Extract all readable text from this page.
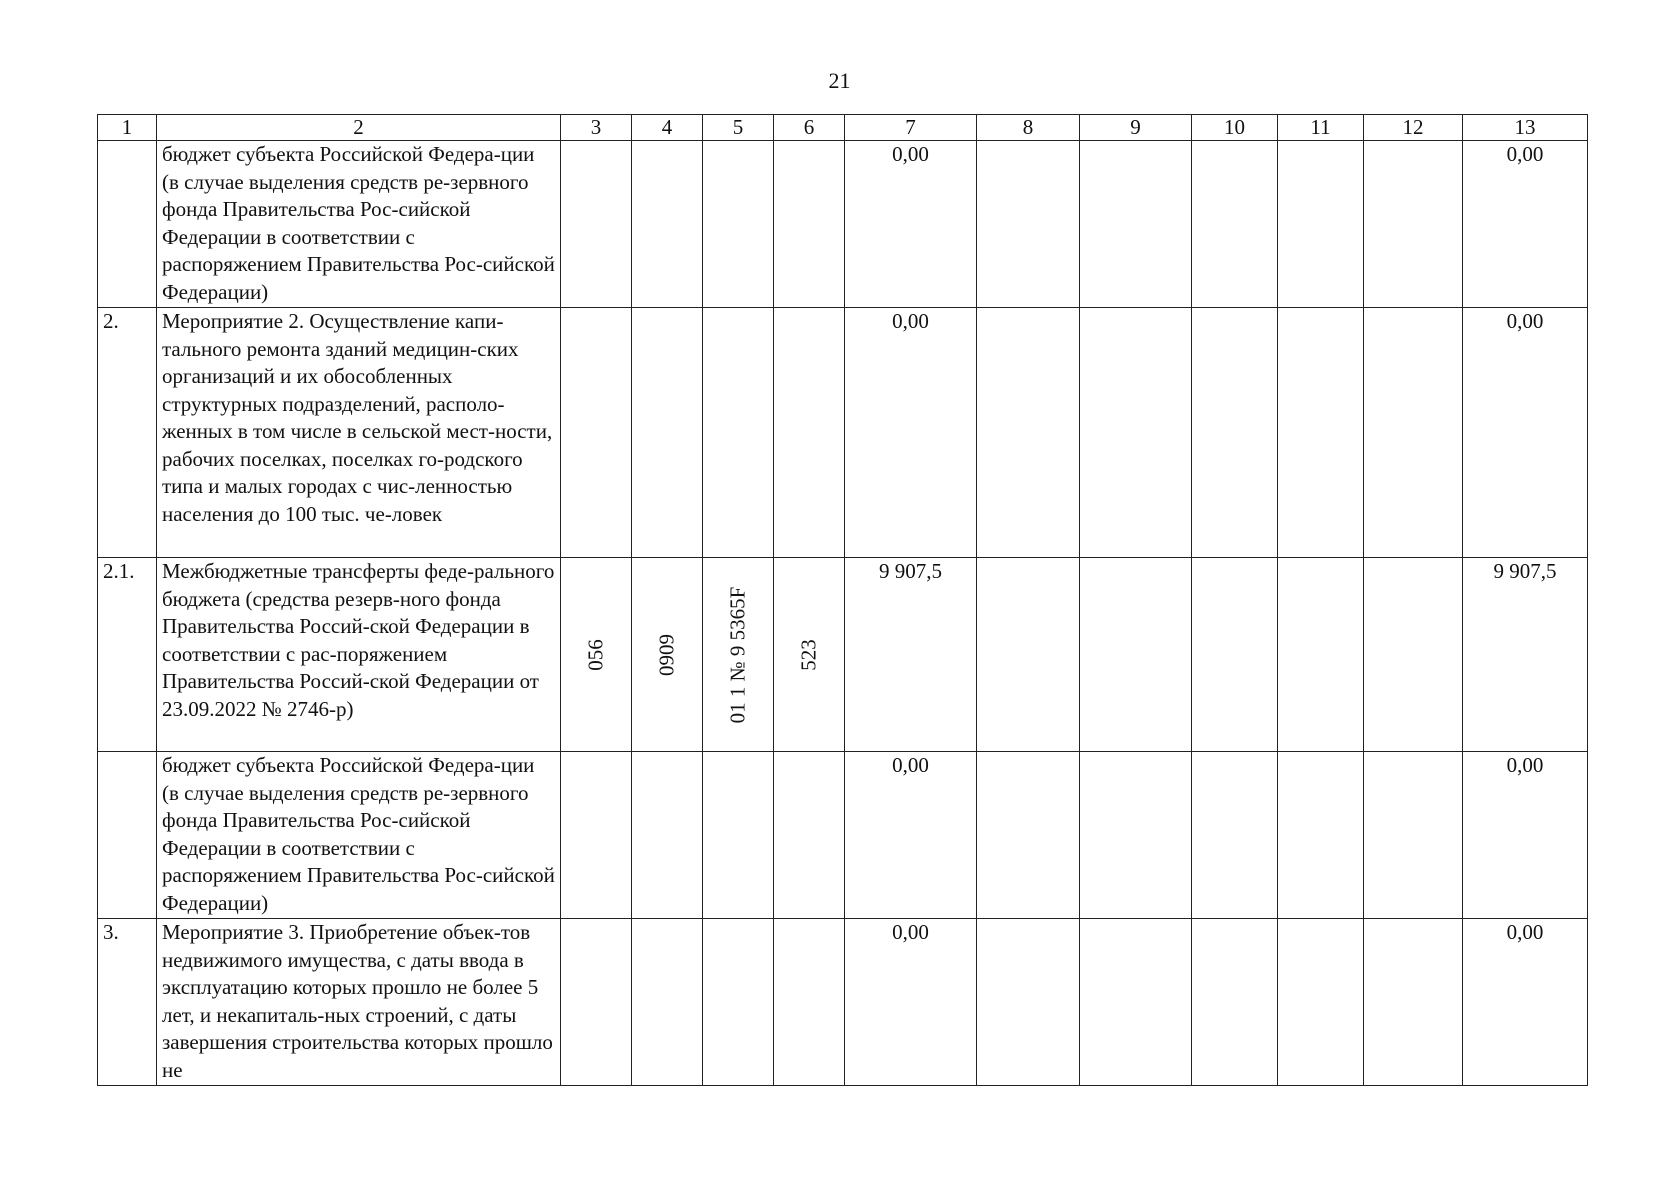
21
1	2	3	4	5	6	7	8	9	10	11	12	13
	бюджет субъекта Российской Федера-ции (в случае выделения средств ре-зервного фонда Правительства Рос-сийской Федерации в соответствии с распоряжением Правительства Рос-сийской Федерации)					0,00						0,00
2.	Мероприятие 2. Осуществление капи-тального ремонта зданий медицин-ских организаций и их обособленных структурных подразделений, располо-женных в том числе в сельской мест-ности, рабочих поселках, поселках го-родского типа и малых городах с чис-ленностью населения до 100 тыс. че-ловек					0,00						0,00
2.1.	Межбюджетные трансферты феде-рального бюджета (средства резерв-ного фонда Правительства Россий-ской Федерации в соответствии с рас-поряжением Правительства Россий-ской Федерации от 23.09.2022 № 2746-р)	056	0909	01 1 № 9 5365F	523	9 907,5						9 907,5
	бюджет субъекта Российской Федера-ции (в случае выделения средств ре-зервного фонда Правительства Рос-сийской Федерации в соответствии с распоряжением Правительства Рос-сийской Федерации)					0,00						0,00
3.	Мероприятие 3. Приобретение объек-тов недвижимого имущества, с даты ввода в эксплуатацию которых прошло не более 5 лет, и некапиталь-ных строений, с даты завершения строительства которых прошло не					0,00						0,00
